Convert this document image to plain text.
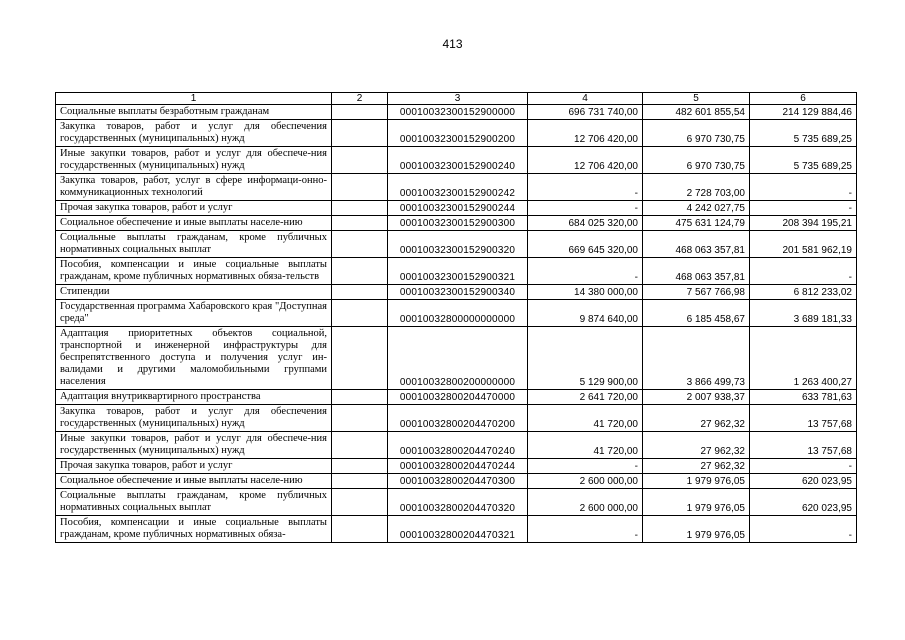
413
1	2	3	4	5	6
Социальные выплаты безработным гражданам		00010032300152900000	696 731 740,00	482 601 855,54	214 129 884,46
Закупка товаров, работ и услуг для обеспечения государственных (муниципальных) нужд		00010032300152900200	12 706 420,00	6 970 730,75	5 735 689,25
Иные закупки товаров, работ и услуг для обеспече-ния государственных (муниципальных) нужд		00010032300152900240	12 706 420,00	6 970 730,75	5 735 689,25
Закупка товаров, работ, услуг в сфере информаци-онно-коммуникационных технологий		00010032300152900242	-	2 728 703,00	-
Прочая закупка товаров, работ и услуг		00010032300152900244	-	4 242 027,75	-
Социальное обеспечение и иные выплаты населе-нию		00010032300152900300	684 025 320,00	475 631 124,79	208 394 195,21
Социальные выплаты гражданам, кроме публичных нормативных социальных выплат		00010032300152900320	669 645 320,00	468 063 357,81	201 581 962,19
Пособия, компенсации и иные социальные выплаты гражданам, кроме публичных нормативных обяза-тельств		00010032300152900321	-	468 063 357,81	-
Стипендии		00010032300152900340	14 380 000,00	7 567 766,98	6 812 233,02
Государственная программа Хабаровского края "Доступная среда"		00010032800000000000	9 874 640,00	6 185 458,67	3 689 181,33
Адаптация приоритетных объектов социальной, транспортной и инженерной инфраструктуры для беспрепятственного доступа и получения услуг ин-валидами и другими маломобильными группами населения		00010032800200000000	5 129 900,00	3 866 499,73	1 263 400,27
Адаптация внутриквартирного пространства		00010032800204470000	2 641 720,00	2 007 938,37	633 781,63
Закупка товаров, работ и услуг для обеспечения государственных (муниципальных) нужд		00010032800204470200	41 720,00	27 962,32	13 757,68
Иные закупки товаров, работ и услуг для обеспече-ния государственных (муниципальных) нужд		00010032800204470240	41 720,00	27 962,32	13 757,68
Прочая закупка товаров, работ и услуг		00010032800204470244	-	27 962,32	-
Социальное обеспечение и иные выплаты населе-нию		00010032800204470300	2 600 000,00	1 979 976,05	620 023,95
Социальные выплаты гражданам, кроме публичных нормативных социальных выплат		00010032800204470320	2 600 000,00	1 979 976,05	620 023,95
Пособия, компенсации и иные социальные выплаты гражданам, кроме публичных нормативных обяза-		00010032800204470321	-	1 979 976,05	-
